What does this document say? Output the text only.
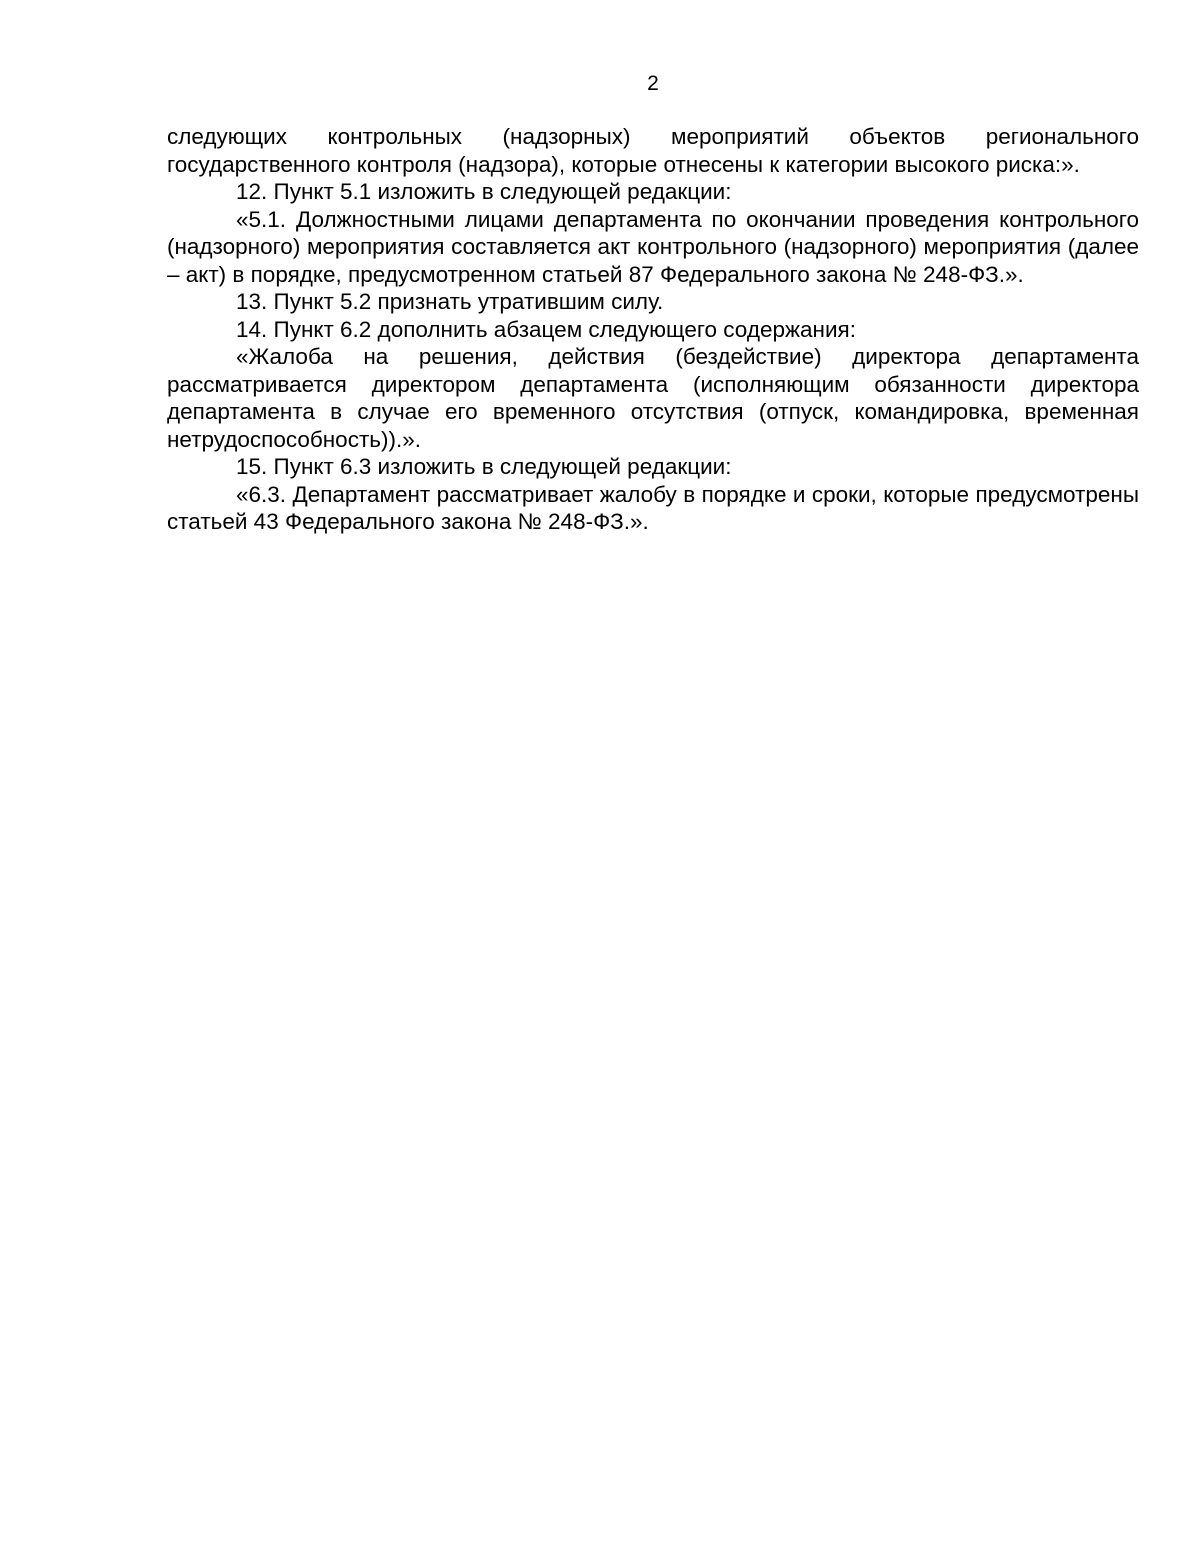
2

следующих контрольных (надзорных) мероприятий объектов регионального государственного контроля (надзора), которые отнесены к категории высокого риска:».

12. Пункт 5.1 изложить в следующей редакции:

«5.1. Должностными лицами департамента по окончании проведения контрольного (надзорного) мероприятия составляется акт контрольного (надзорного) мероприятия (далее – акт) в порядке, предусмотренном статьей 87 Федерального закона № 248-ФЗ.».

13. Пункт 5.2 признать утратившим силу.

14. Пункт 6.2 дополнить абзацем следующего содержания:

«Жалоба на решения, действия (бездействие) директора департамента рассматривается директором департамента (исполняющим обязанности директора департамента в случае его временного отсутствия (отпуск, командировка, временная нетрудоспособность)).».

15. Пункт 6.3 изложить в следующей редакции:

«6.3. Департамент рассматривает жалобу в порядке и сроки, которые предусмотрены статьей 43 Федерального закона № 248-ФЗ.».
